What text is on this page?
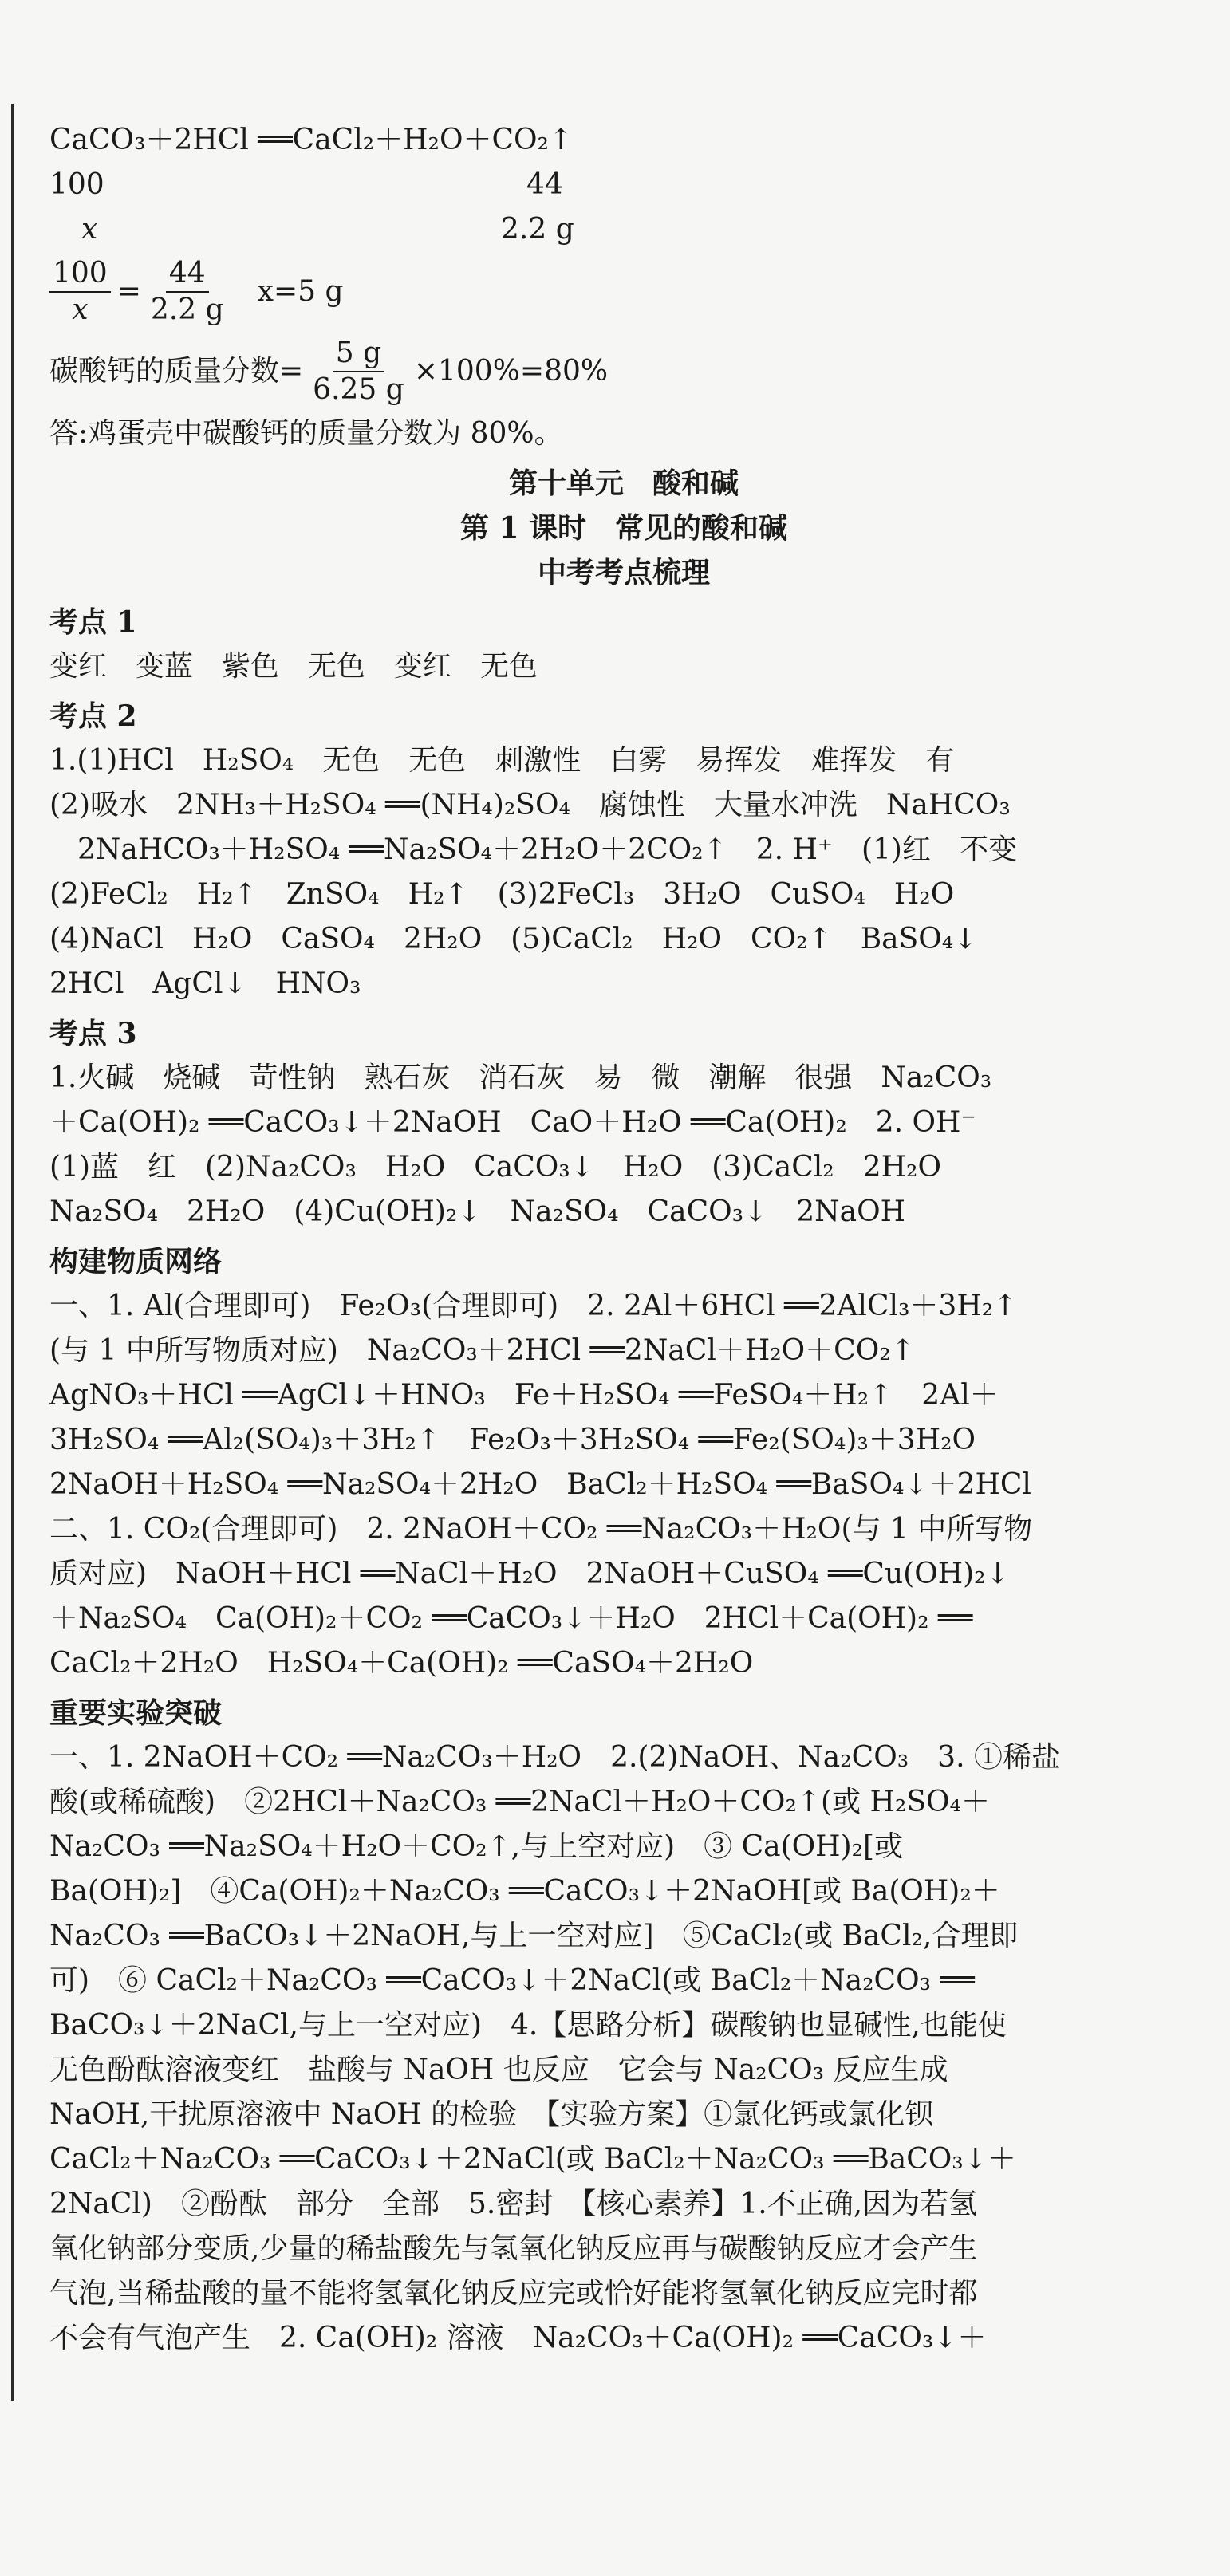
CaCO₃＋2HCl ══CaCl₂＋H₂O＋CO₂↑
100	44
x	2.2 g
$\frac{100}{x} = \frac{44}{2.2 g} x=5$ g
碳酸钙的质量分数= $\frac{5 g}{6.25 g} \times 100\%=80\%$
答:鸡蛋壳中碳酸钙的质量分数为 80%。
第十单元　酸和碱
第 1 课时　常见的酸和碱
中考考点梳理
考点 1
变红　变蓝　紫色　无色　变红　无色
考点 2
1.(1)HCl　H₂SO₄　无色　无色　刺激性　白雾　易挥发　难挥发　有
(2)吸水　2NH₃＋H₂SO₄ ══(NH₄)₂SO₄　腐蚀性　大量水冲洗　NaHCO₃
2NaHCO₃＋H₂SO₄ ══Na₂SO₄＋2H₂O＋2CO₂↑　2. H⁺　(1)红　不变
(2)FeCl₂　H₂↑　ZnSO₄　H₂↑　(3)2FeCl₃　3H₂O　CuSO₄　H₂O
(4)NaCl　H₂O　CaSO₄　2H₂O　(5)CaCl₂　H₂O　CO₂↑　BaSO₄↓
2HCl　AgCl↓　HNO₃
考点 3
1.火碱　烧碱　苛性钠　熟石灰　消石灰　易　微　潮解　很强　Na₂CO₃
＋Ca(OH)₂ ══CaCO₃↓＋2NaOH　CaO＋H₂O ══Ca(OH)₂　2. OH⁻
(1)蓝　红　(2)Na₂CO₃　H₂O　CaCO₃↓　H₂O　(3)CaCl₂　2H₂O
Na₂SO₄　2H₂O　(4)Cu(OH)₂↓　Na₂SO₄　CaCO₃↓　2NaOH
构建物质网络
一、1. Al(合理即可)　Fe₂O₃(合理即可)　2. 2Al＋6HCl ══2AlCl₃＋3H₂↑
(与 1 中所写物质对应)　Na₂CO₃＋2HCl ══2NaCl＋H₂O＋CO₂↑
AgNO₃＋HCl ══AgCl↓＋HNO₃　Fe＋H₂SO₄ ══FeSO₄＋H₂↑　2Al＋
3H₂SO₄ ══Al₂(SO₄)₃＋3H₂↑　Fe₂O₃＋3H₂SO₄ ══Fe₂(SO₄)₃＋3H₂O
2NaOH＋H₂SO₄ ══Na₂SO₄＋2H₂O　BaCl₂＋H₂SO₄ ══BaSO₄↓＋2HCl
二、1. CO₂(合理即可)　2. 2NaOH＋CO₂ ══Na₂CO₃＋H₂O(与 1 中所写物
质对应)　NaOH＋HCl ══NaCl＋H₂O　2NaOH＋CuSO₄ ══Cu(OH)₂↓
＋Na₂SO₄　Ca(OH)₂＋CO₂ ══CaCO₃↓＋H₂O　2HCl＋Ca(OH)₂ ══
CaCl₂＋2H₂O　H₂SO₄＋Ca(OH)₂ ══CaSO₄＋2H₂O
重要实验突破
一、1. 2NaOH＋CO₂ ══Na₂CO₃＋H₂O　2.(2)NaOH、Na₂CO₃　3. ①稀盐
酸(或稀硫酸)　②2HCl＋Na₂CO₃ ══2NaCl＋H₂O＋CO₂↑(或 H₂SO₄＋
Na₂CO₃ ══Na₂SO₄＋H₂O＋CO₂↑,与上空对应)　③ Ca(OH)₂[或
Ba(OH)₂]　④Ca(OH)₂＋Na₂CO₃ ══CaCO₃↓＋2NaOH[或 Ba(OH)₂＋
Na₂CO₃ ══BaCO₃↓＋2NaOH,与上一空对应]　⑤CaCl₂(或 BaCl₂,合理即
可)　⑥ CaCl₂＋Na₂CO₃ ══CaCO₃↓＋2NaCl(或 BaCl₂＋Na₂CO₃ ══
BaCO₃↓＋2NaCl,与上一空对应)　4.【思路分析】碳酸钠也显碱性,也能使
无色酚酞溶液变红　盐酸与 NaOH 也反应　它会与 Na₂CO₃ 反应生成
NaOH,干扰原溶液中 NaOH 的检验　【实验方案】①氯化钙或氯化钡
CaCl₂＋Na₂CO₃ ══CaCO₃↓＋2NaCl(或 BaCl₂＋Na₂CO₃ ══BaCO₃↓＋
2NaCl)　②酚酞　部分　全部　5.密封　【核心素养】1.不正确,因为若氢
氧化钠部分变质,少量的稀盐酸先与氢氧化钠反应再与碳酸钠反应才会产生
气泡,当稀盐酸的量不能将氢氧化钠反应完或恰好能将氢氧化钠反应完时都
不会有气泡产生　2. Ca(OH)₂ 溶液　Na₂CO₃＋Ca(OH)₂ ══CaCO₃↓＋
